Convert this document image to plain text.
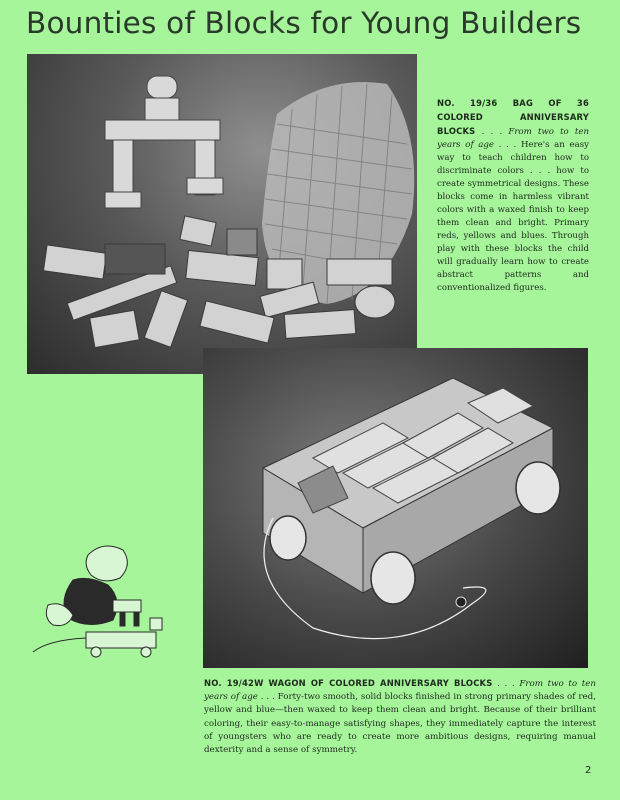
Bounties of Blocks for Young Builders
NO. 19/36 BAG OF 36 COLORED ANNIVERSARY BLOCKS . . . From two to ten years of age . . . Here's an easy way to teach children how to discriminate colors . . . how to create symmetrical designs. These blocks come in harmless vibrant colors with a waxed finish to keep them clean and bright. Primary reds, yellows and blues. Through play with these blocks the child will gradually learn how to create abstract patterns and conventionalized figures.
NO. 19/42W WAGON OF COLORED ANNIVERSARY BLOCKS . . . From two to ten years of age . . . Forty-two smooth, solid blocks finished in strong primary shades of red, yellow and blue—then waxed to keep them clean and bright. Because of their brilliant coloring, their easy-to-manage satisfying shapes, they immediately capture the interest of youngsters who are ready to create more ambitious designs, requiring manual dexterity and a sense of symmetry.
2
